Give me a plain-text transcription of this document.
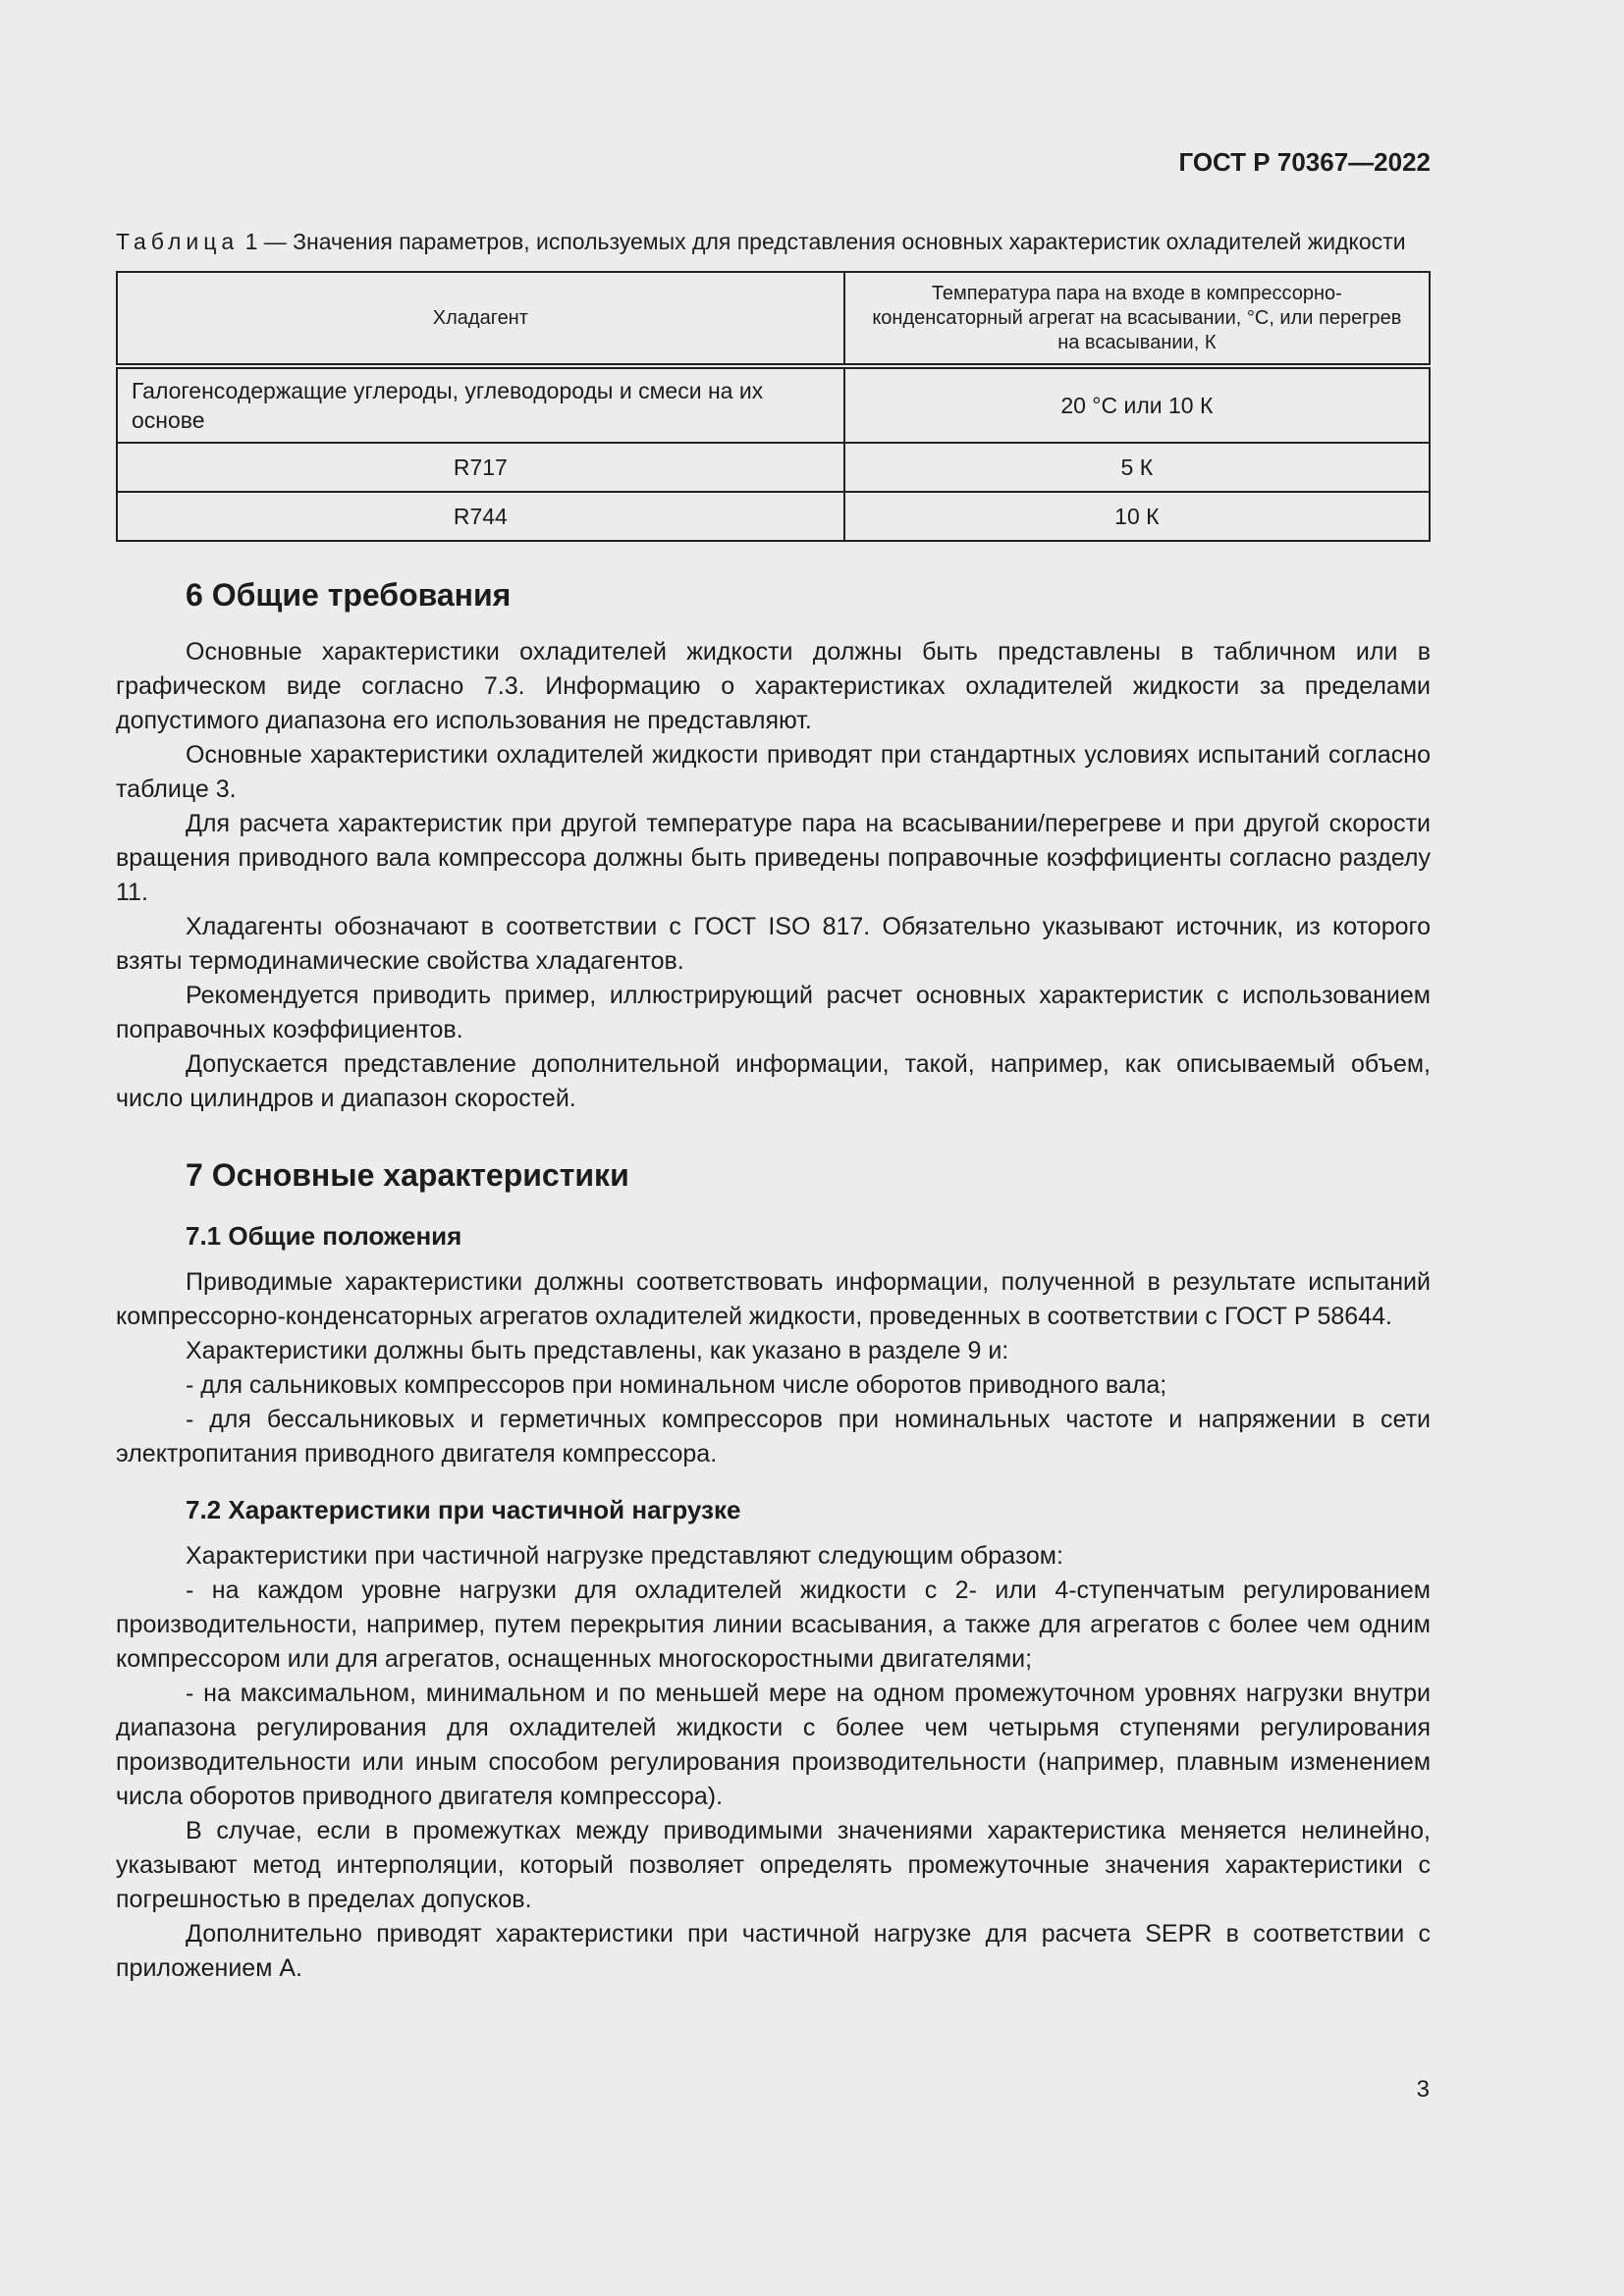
ГОСТ Р 70367—2022

Таблица 1 — Значения параметров, используемых для представления основных характеристик охладителей жидкости

Хладагент	Температура пара на входе в компрессорно-конденсаторный агрегат на всасывании, °C, или перегрев на всасывании, К
Галогенсодержащие углероды, углеводороды и смеси на их основе	20 °С или 10 К
R717	5 К
R744	10 К
6 Общие требования

Основные характеристики охладителей жидкости должны быть представлены в табличном или в графическом виде согласно 7.3. Информацию о характеристиках охладителей жидкости за пределами допустимого диапазона его использования не представляют.

Основные характеристики охладителей жидкости приводят при стандартных условиях испытаний согласно таблице 3.

Для расчета характеристик при другой температуре пара на всасывании/перегреве и при другой скорости вращения приводного вала компрессора должны быть приведены поправочные коэффициенты согласно разделу 11.

Хладагенты обозначают в соответствии с ГОСТ ISO 817. Обязательно указывают источник, из которого взяты термодинамические свойства хладагентов.

Рекомендуется приводить пример, иллюстрирующий расчет основных характеристик с использованием поправочных коэффициентов.

Допускается представление дополнительной информации, такой, например, как описываемый объем, число цилиндров и диапазон скоростей.

7 Основные характеристики
7.1 Общие положения

Приводимые характеристики должны соответствовать информации, полученной в результате испытаний компрессорно-конденсаторных агрегатов охладителей жидкости, проведенных в соответствии с ГОСТ Р 58644.

Характеристики должны быть представлены, как указано в разделе 9 и:

- для сальниковых компрессоров при номинальном числе оборотов приводного вала;

- для бессальниковых и герметичных компрессоров при номинальных частоте и напряжении в сети электропитания приводного двигателя компрессора.

7.2 Характеристики при частичной нагрузке

Характеристики при частичной нагрузке представляют следующим образом:

- на каждом уровне нагрузки для охладителей жидкости с 2- или 4-ступенчатым регулированием производительности, например, путем перекрытия линии всасывания, а также для агрегатов с более чем одним компрессором или для агрегатов, оснащенных многоскоростными двигателями;

- на максимальном, минимальном и по меньшей мере на одном промежуточном уровнях нагрузки внутри диапазона регулирования для охладителей жидкости с более чем четырьмя ступенями регулирования производительности или иным способом регулирования производительности (например, плавным изменением числа оборотов приводного двигателя компрессора).

В случае, если в промежутках между приводимыми значениями характеристика меняется нелинейно, указывают метод интерполяции, который позволяет определять промежуточные значения характеристики с погрешностью в пределах допусков.

Дополнительно приводят характеристики при частичной нагрузке для расчета SEPR в соответствии с приложением А.

3
